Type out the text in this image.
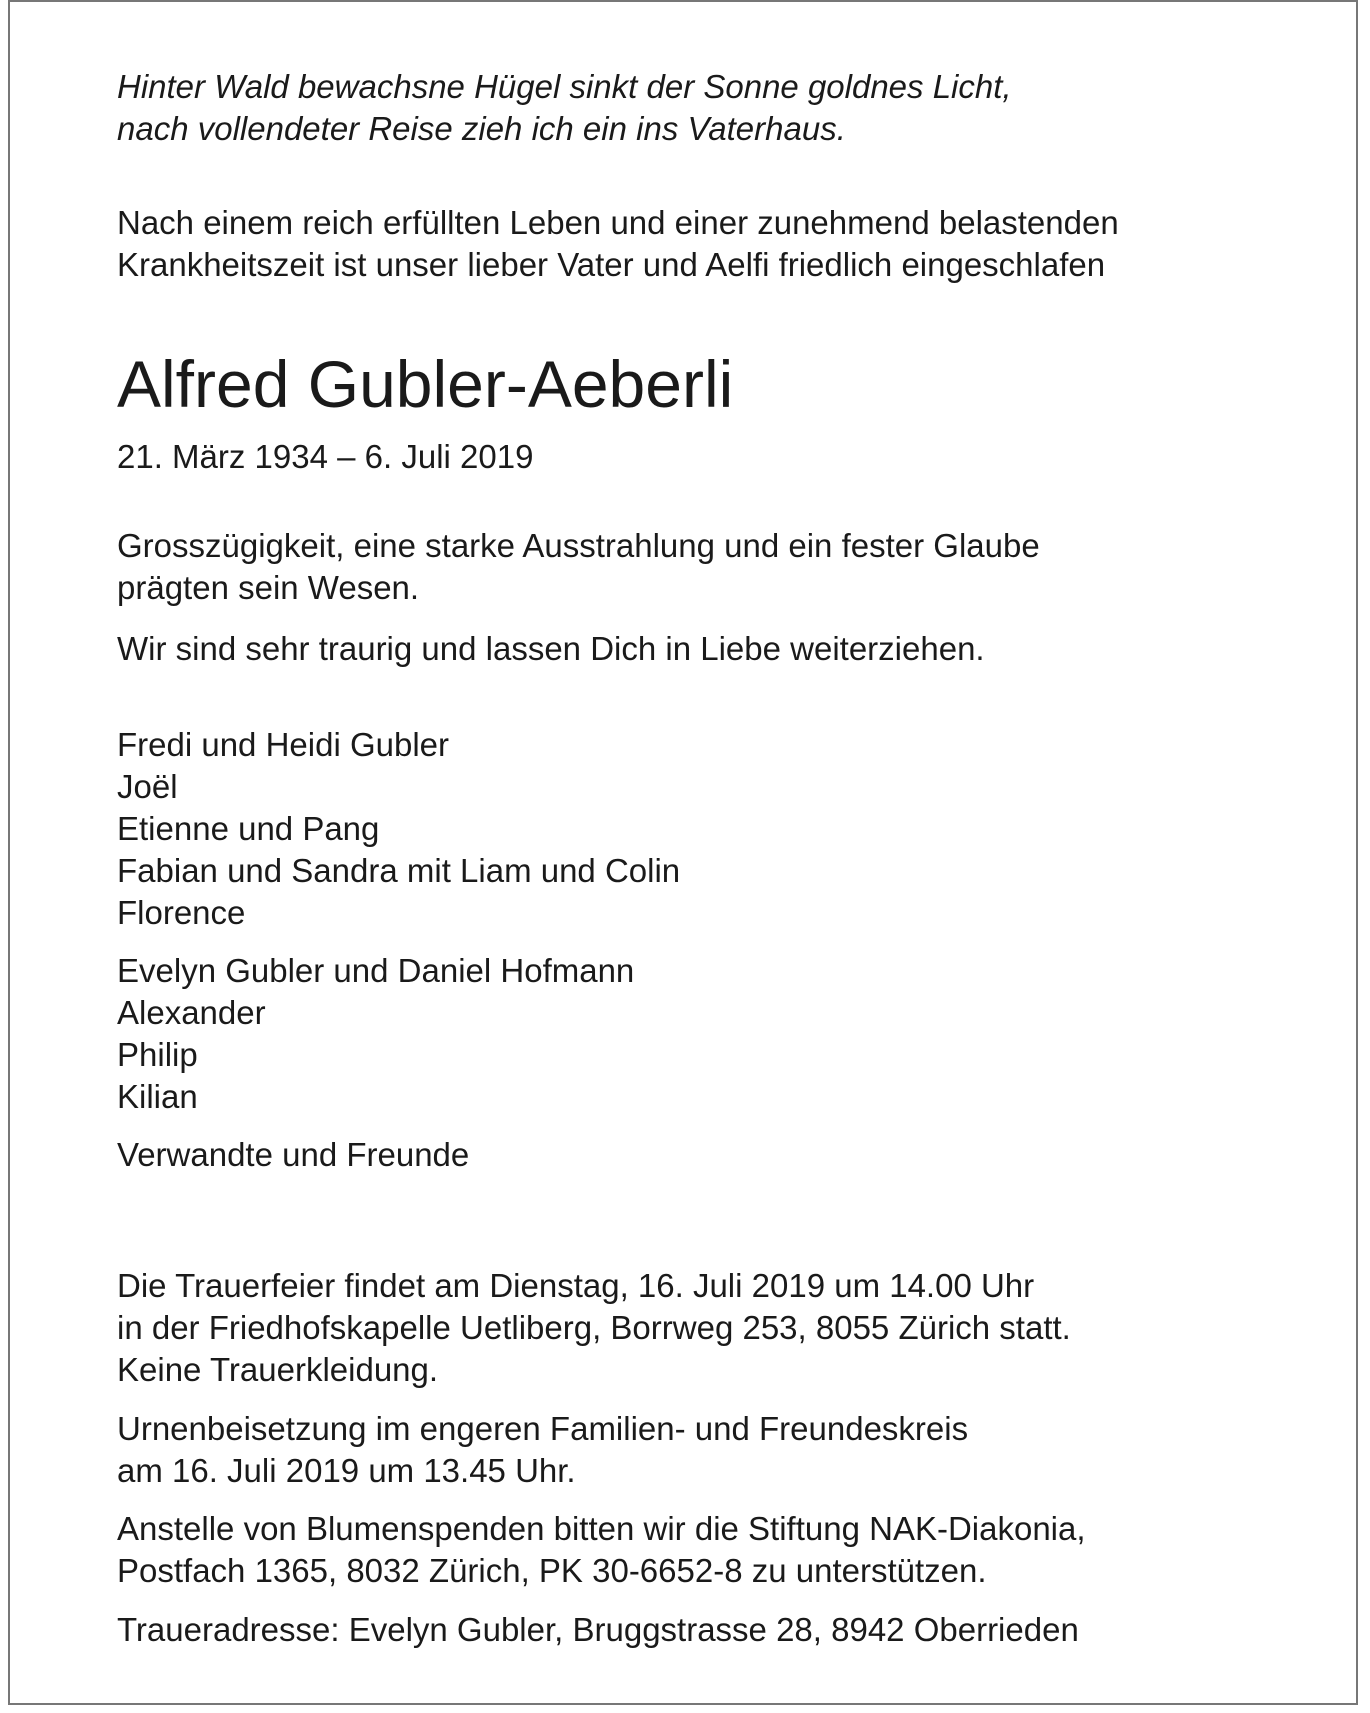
Hinter Wald bewachsne Hügel sinkt der Sonne goldnes Licht,
nach vollendeter Reise zieh ich ein ins Vaterhaus.
Nach einem reich erfüllten Leben und einer zunehmend belastenden
Krankheitszeit ist unser lieber Vater und Aelfi friedlich eingeschlafen
Alfred Gubler-Aeberli
21. März 1934 – 6. Juli 2019
Grosszügigkeit, eine starke Ausstrahlung und ein fester Glaube
prägten sein Wesen.
Wir sind sehr traurig und lassen Dich in Liebe weiterziehen.
Fredi und Heidi Gubler
Joël
Etienne und Pang
Fabian und Sandra mit Liam und Colin
Florence
Evelyn Gubler und Daniel Hofmann
Alexander
Philip
Kilian
Verwandte und Freunde
Die Trauerfeier findet am Dienstag, 16. Juli 2019 um 14.00 Uhr
in der Friedhofskapelle Uetliberg, Borrweg 253, 8055 Zürich statt.
Keine Trauerkleidung.
Urnenbeisetzung im engeren Familien- und Freundeskreis
am 16. Juli 2019 um 13.45 Uhr.
Anstelle von Blumenspenden bitten wir die Stiftung NAK-Diakonia,
Postfach 1365, 8032 Zürich, PK 30-6652-8 zu unterstützen.
Traueradresse: Evelyn Gubler, Bruggstrasse 28, 8942 Oberrieden
